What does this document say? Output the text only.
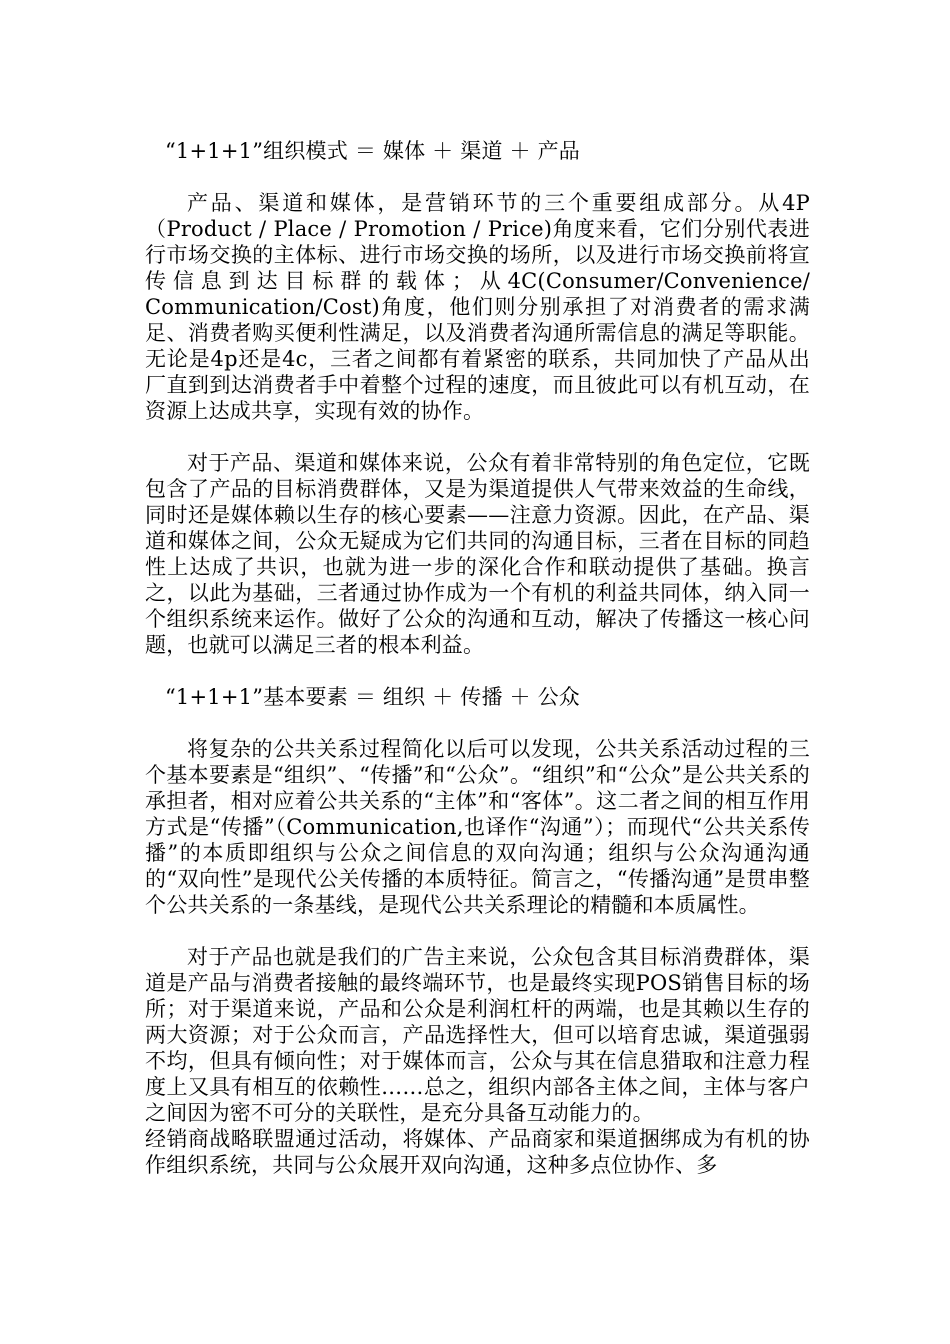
“1+1+1”组织模式 ＝ 媒体 ＋ 渠道 ＋ 产品

产品、渠道和媒体，是营销环节的三个重要组成部分。从4P（Product / Place / Promotion / Price)角度来看，它们分别代表进行市场交换的主体标、进行市场交换的场所，以及进行市场交换前将宣传信息到达目标群的载体；从4C(Consumer/Convenience/ Communication/Cost)角度，他们则分别承担了对消费者的需求满足、消费者购买便利性满足，以及消费者沟通所需信息的满足等职能。无论是4p还是4c，三者之间都有着紧密的联系，共同加快了产品从出厂直到到达消费者手中着整个过程的速度，而且彼此可以有机互动，在资源上达成共享，实现有效的协作。

对于产品、渠道和媒体来说，公众有着非常特别的角色定位，它既包含了产品的目标消费群体，又是为渠道提供人气带来效益的生命线，同时还是媒体赖以生存的核心要素——注意力资源。因此，在产品、渠道和媒体之间，公众无疑成为它们共同的沟通目标，三者在目标的同趋性上达成了共识，也就为进一步的深化合作和联动提供了基础。换言之，以此为基础，三者通过协作成为一个有机的利益共同体，纳入同一个组织系统来运作。做好了公众的沟通和互动，解决了传播这一核心问题，也就可以满足三者的根本利益。

“1+1+1”基本要素 ＝ 组织 ＋ 传播 ＋ 公众

将复杂的公共关系过程简化以后可以发现，公共关系活动过程的三个基本要素是“组织”、“传播”和“公众”。“组织”和“公众”是公共关系的承担者，相对应着公共关系的“主体”和“客体”。这二者之间的相互作用方式是“传播”（Communication,也译作“沟通”）；而现代“公共关系传播”的本质即组织与公众之间信息的双向沟通；组织与公众沟通沟通的“双向性”是现代公关传播的本质特征。简言之，“传播沟通”是贯串整个公共关系的一条基线，是现代公共关系理论的精髓和本质属性。

对于产品也就是我们的广告主来说，公众包含其目标消费群体，渠道是产品与消费者接触的最终端环节，也是最终实现POS销售目标的场所；对于渠道来说，产品和公众是利润杠杆的两端，也是其赖以生存的两大资源；对于公众而言，产品选择性大，但可以培育忠诚，渠道强弱不均，但具有倾向性；对于媒体而言，公众与其在信息猎取和注意力程度上又具有相互的依赖性……总之，组织内部各主体之间，主体与客户之间因为密不可分的关联性，是充分具备互动能力的。

经销商战略联盟通过活动，将媒体、产品商家和渠道捆绑成为有机的协作组织系统，共同与公众展开双向沟通，这种多点位协作、多
